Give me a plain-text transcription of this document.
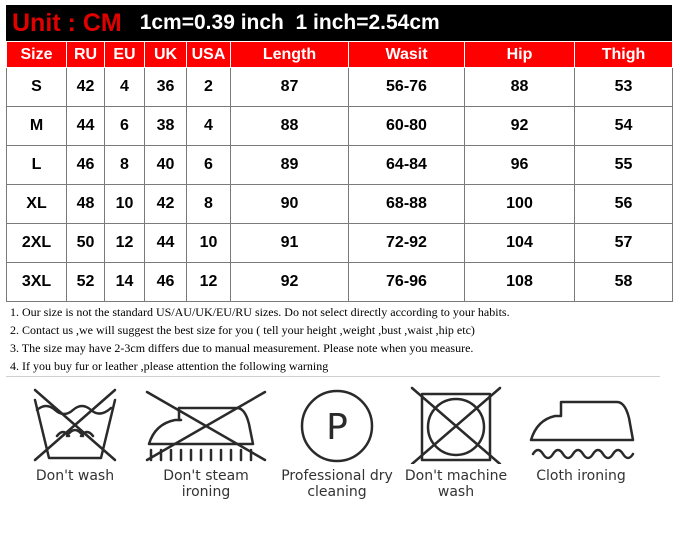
Unit : CM 1cm=0.39 inch  1 inch=2.54cm
Size	RU	EU	UK	USA	Length	Wasit	Hip	Thigh
S	42	4	36	2	87	56-76	88	53
M	44	6	38	4	88	60-80	92	54
L	46	8	40	6	89	64-84	96	55
XL	48	10	42	8	90	68-88	100	56
2XL	50	12	44	10	91	72-92	104	57
3XL	52	14	46	12	92	76-96	108	58
1. Our size is not the standard US/AU/UK/EU/RU sizes. Do not select directly according to your habits.
2. Contact us ,we will suggest the best size for you ( tell your height ,weight ,bust ,waist ,hip etc)
3. The size may have 2-3cm differs due to manual measurement. Please note when you measure.
4. If you buy fur or leather ,please attention the following warning
Don't wash	Don't steam
ironing
P
Professional dry
cleaning
Don't machine
wash
Cloth ironing
